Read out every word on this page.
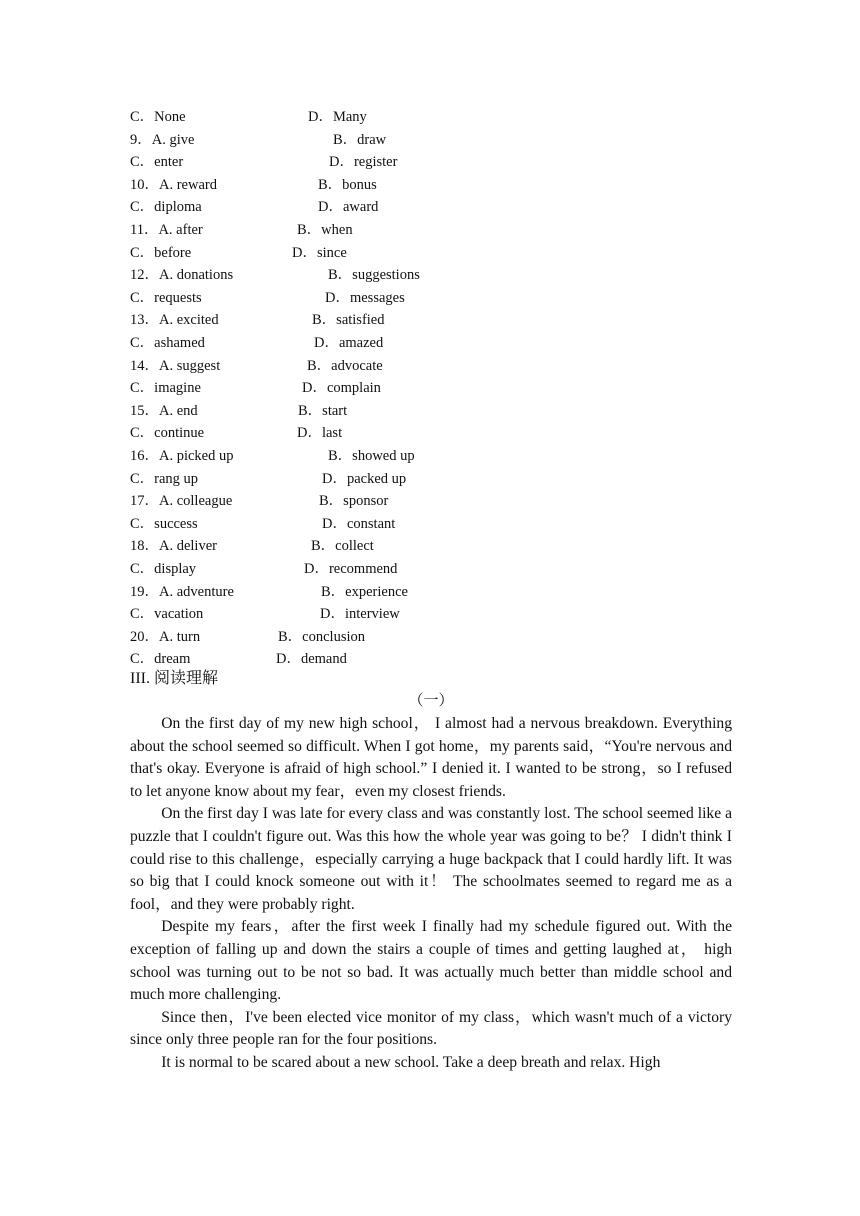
C．None	D．Many
9．A. give	B．draw
C．enter	D．register
10．A. reward	B．bonus
C．diploma	D．award
11．A. after	B．when
C．before	D．since
12．A. donations	B．suggestions
C．requests	D．messages
13．A. excited	B．satisfied
C．ashamed	D．amazed
14．A. suggest	B．advocate
C．imagine	D．complain
15．A. end	B．start
C．continue	D．last
16．A. picked up	B．showed up
C．rang up	D．packed up
17．A. colleague	B．sponsor
C．success	D．constant
18．A. deliver	B．collect
C．display	D．recommend
19．A. adventure	B．experience
C．vacation	D．interview
20．A. turn	B．conclusion
C．dream	D．demand
III. 阅读理解
（一）

On the first day of my new high school， I almost had a nervous breakdown. Everything about the school seemed so difficult. When I got home，my parents said，“You're nervous and that's okay. Everyone is afraid of high school.” I denied it. I wanted to be strong，so I refused to let anyone know about my fear，even my closest friends.

On the first day I was late for every class and was constantly lost. The school seemed like a puzzle that I couldn't figure out. Was this how the whole year was going to be？ I didn't think I could rise to this challenge，especially carrying a huge backpack that I could hardly lift. It was so big that I could knock someone out with it！ The schoolmates seemed to regard me as a fool，and they were probably right.

Despite my fears，after the first week I finally had my schedule figured out. With the exception of falling up and down the stairs a couple of times and getting laughed at， high school was turning out to be not so bad. It was actually much better than middle school and much more challenging.

Since then，I've been elected vice monitor of my class，which wasn't much of a victory since only three people ran for the four positions.

It is normal to be scared about a new school. Take a deep breath and relax. High
